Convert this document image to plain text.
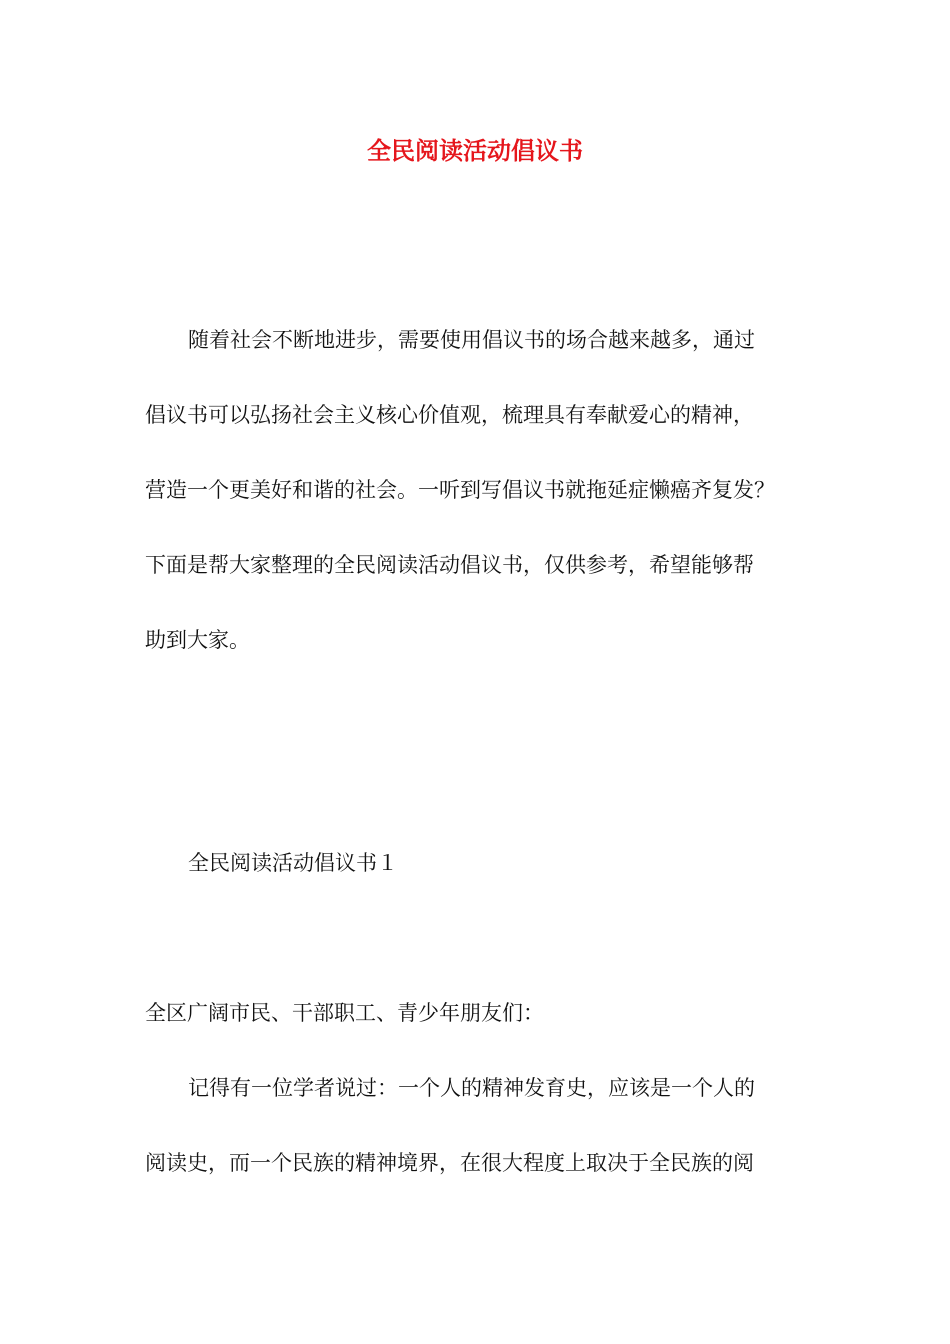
全民阅读活动倡议书

随着社会不断地进步，需要使用倡议书的场合越来越多，通过

倡议书可以弘扬社会主义核心价值观，梳理具有奉献爱心的精神，

营造一个更美好和谐的社会。一听到写倡议书就拖延症懒癌齐复发？

下面是帮大家整理的全民阅读活动倡议书，仅供参考，希望能够帮

助到大家。

全民阅读活动倡议书１

全区广阔市民、干部职工、青少年朋友们：

记得有一位学者说过：一个人的精神发育史，应该是一个人的

阅读史，而一个民族的精神境界，在很大程度上取决于全民族的阅
